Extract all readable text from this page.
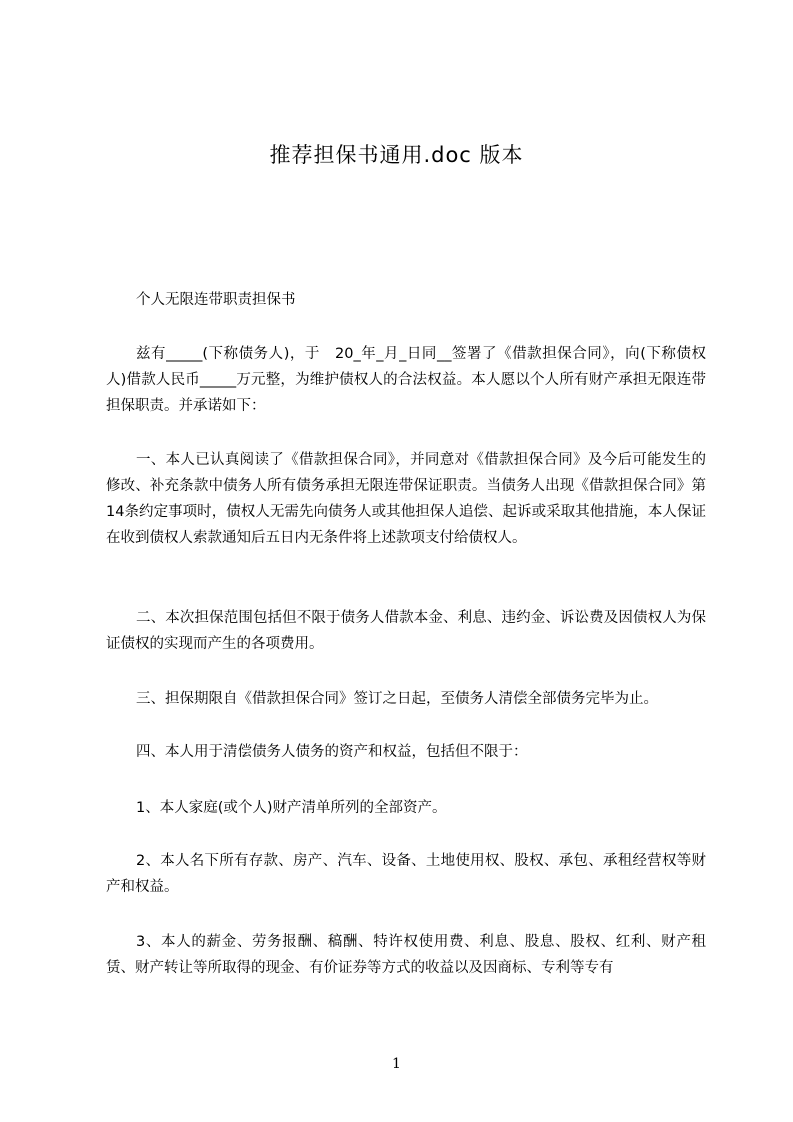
推荐担保书通用.doc 版本

个人无限连带职责担保书

兹有_____(下称债务人)，于　20_年_月_日同__签署了《借款担保合同》，向(下称债权人)借款人民币_____万元整，为维护债权人的合法权益。本人愿以个人所有财产承担无限连带担保职责。并承诺如下：

一、本人已认真阅读了《借款担保合同》，并同意对《借款担保合同》及今后可能发生的修改、补充条款中债务人所有债务承担无限连带保证职责。当债务人出现《借款担保合同》第14条约定事项时，债权人无需先向债务人或其他担保人追偿、起诉或采取其他措施，本人保证在收到债权人索款通知后五日内无条件将上述款项支付给债权人。

二、本次担保范围包括但不限于债务人借款本金、利息、违约金、诉讼费及因债权人为保证债权的实现而产生的各项费用。

三、担保期限自《借款担保合同》签订之日起，至债务人清偿全部债务完毕为止。

四、本人用于清偿债务人债务的资产和权益，包括但不限于：

1、本人家庭(或个人)财产清单所列的全部资产。

2、本人名下所有存款、房产、汽车、设备、土地使用权、股权、承包、承租经营权等财产和权益。

3、本人的薪金、劳务报酬、稿酬、特许权使用费、利息、股息、股权、红利、财产租赁、财产转让等所取得的现金、有价证券等方式的收益以及因商标、专利等专有

1
